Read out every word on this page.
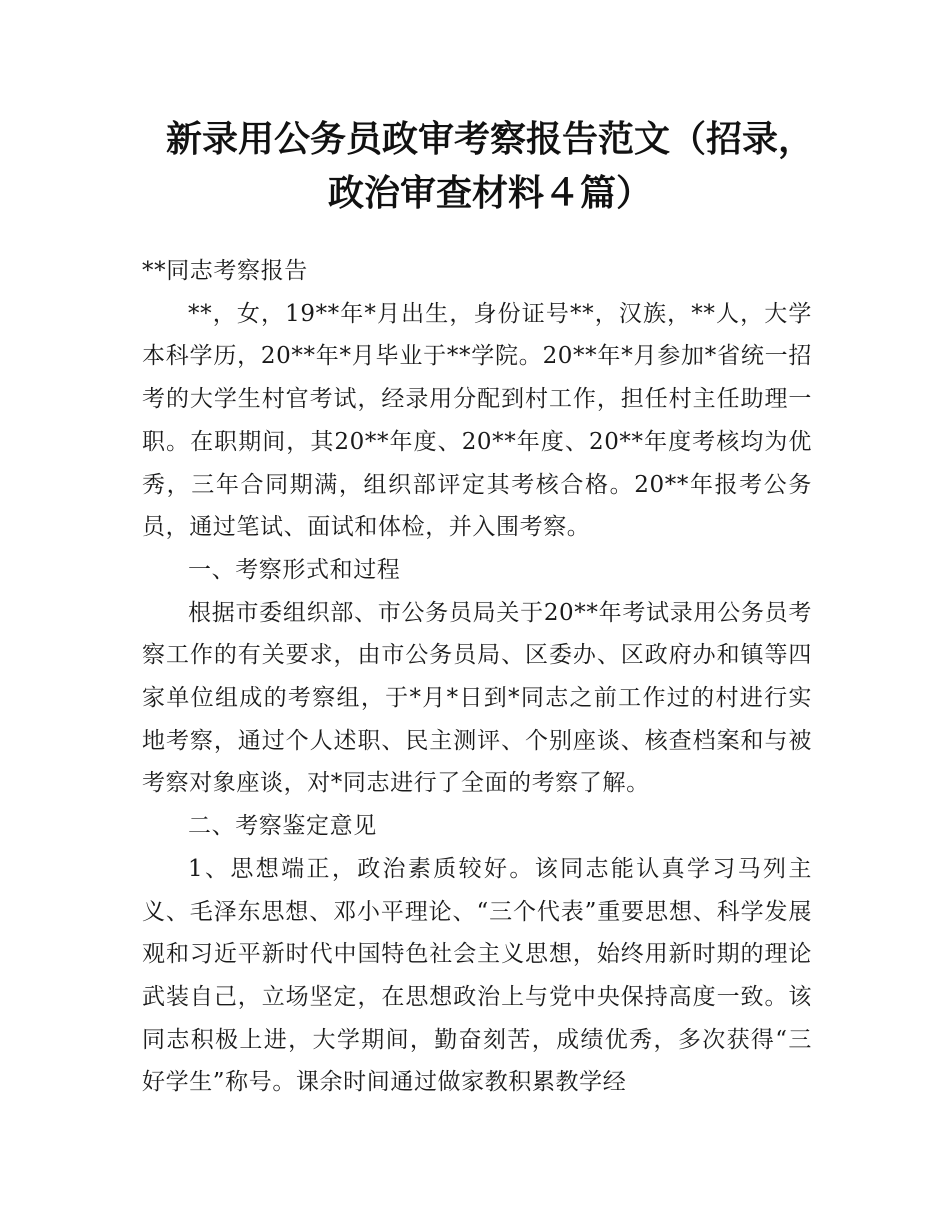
新录用公务员政审考察报告范文（招录，
政治审查材料４篇）

**同志考察报告

**，女，19**年*月出生，身份证号**，汉族，**人，大学本科学历，20**年*月毕业于**学院。20**年*月参加*省统一招考的大学生村官考试，经录用分配到村工作，担任村主任助理一职。在职期间，其20**年度、20**年度、20**年度考核均为优秀，三年合同期满，组织部评定其考核合格。20**年报考公务员，通过笔试、面试和体检，并入围考察。

一、考察形式和过程

根据市委组织部、市公务员局关于20**年考试录用公务员考察工作的有关要求，由市公务员局、区委办、区政府办和镇等四家单位组成的考察组，于*月*日到*同志之前工作过的村进行实地考察，通过个人述职、民主测评、个别座谈、核查档案和与被考察对象座谈，对*同志进行了全面的考察了解。

二、考察鉴定意见

1、思想端正，政治素质较好。该同志能认真学习马列主义、毛泽东思想、邓小平理论、“三个代表”重要思想、科学发展观和习近平新时代中国特色社会主义思想，始终用新时期的理论武装自己，立场坚定，在思想政治上与党中央保持高度一致。该同志积极上进，大学期间，勤奋刻苦，成绩优秀，多次获得“三好学生”称号。课余时间通过做家教积累教学经
